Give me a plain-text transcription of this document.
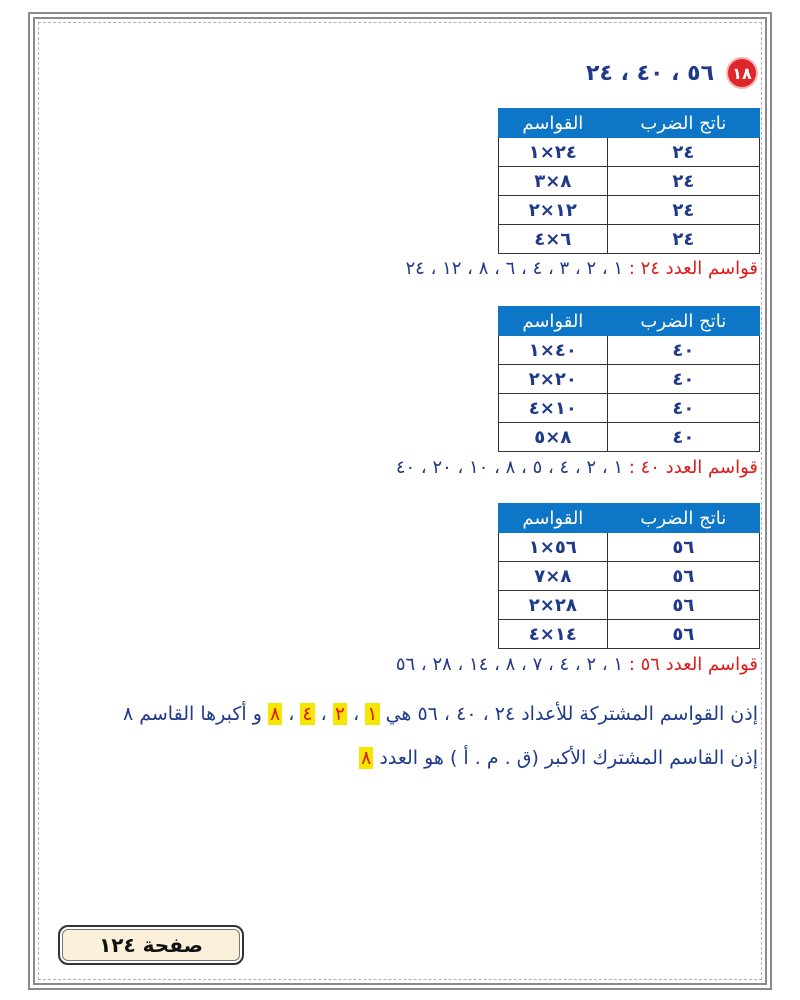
١٨
٥٦ ، ٤٠ ، ٢٤
ناتج الضرب	القواسم
٢٤	٢٤×١
٢٤	٨×٣
٢٤	١٢×٢
٢٤	٦×٤
قواسم العدد ٢٤ : ١ ، ٢ ، ٣ ، ٤ ، ٦ ، ٨ ، ١٢ ، ٢٤
ناتج الضرب	القواسم
٤٠	٤٠×١
٤٠	٢٠×٢
٤٠	١٠×٤
٤٠	٨×٥
قواسم العدد ٤٠ : ١ ، ٢ ، ٤ ، ٥ ، ٨ ، ١٠ ، ٢٠ ، ٤٠
ناتج الضرب	القواسم
٥٦	٥٦×١
٥٦	٨×٧
٥٦	٢٨×٢
٥٦	١٤×٤
قواسم العدد ٥٦ : ١ ، ٢ ، ٤ ، ٧ ، ٨ ، ١٤ ، ٢٨ ، ٥٦
إذن القواسم المشتركة للأعداد ٢٤ ، ٤٠ ، ٥٦ هي ١ ، ٢ ، ٤ ، ٨ و أكبرها القاسم ٨
إذن القاسم المشترك الأكبر (ق . م . أ ) هو العدد ٨
صفحة ١٢٤
